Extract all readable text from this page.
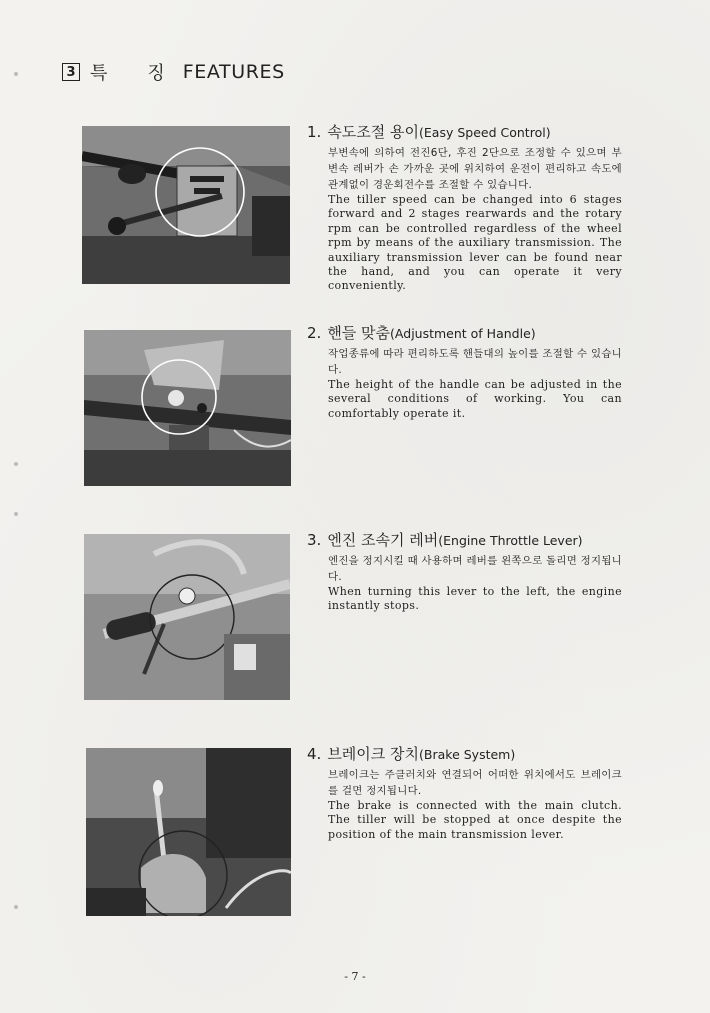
3 특 징 FEATURES
1. 속도조절 용이(Easy Speed Control)
부변속에 의하여 전진6단, 후진 2단으로 조정할 수 있으며 부변속 레버가 손 가까운 곳에 위치하여 운전이 편리하고 속도에 관계없이 경운회전수를 조절할 수 있습니다.
The tiller speed can be changed into 6 stages forward and 2 stages rearwards and the rotary rpm can be controlled regardless of the wheel rpm by means of the auxiliary transmission. The auxiliary transmission lever can be found near the hand, and you can operate it very conveniently.
2. 핸들 맞춤(Adjustment of Handle)
작업종류에 따라 편리하도록 핸들대의 높이를 조절할 수 있습니다.
The height of the handle can be adjusted in the several conditions of working. You can comfortably operate it.
3. 엔진 조속기 레버(Engine Throttle Lever)
엔진을 정지시킬 때 사용하며 레버를 왼쪽으로 돌리면 정지됩니다.
When turning this lever to the left, the engine instantly stops.
4. 브레이크 장치(Brake System)
브레이크는 주클러치와 연결되어 어떠한 위치에서도 브레이크를 걸면 정지됩니다.
The brake is connected with the main clutch. The tiller will be stopped at once despite the position of the main transmission lever.
- 7 -
